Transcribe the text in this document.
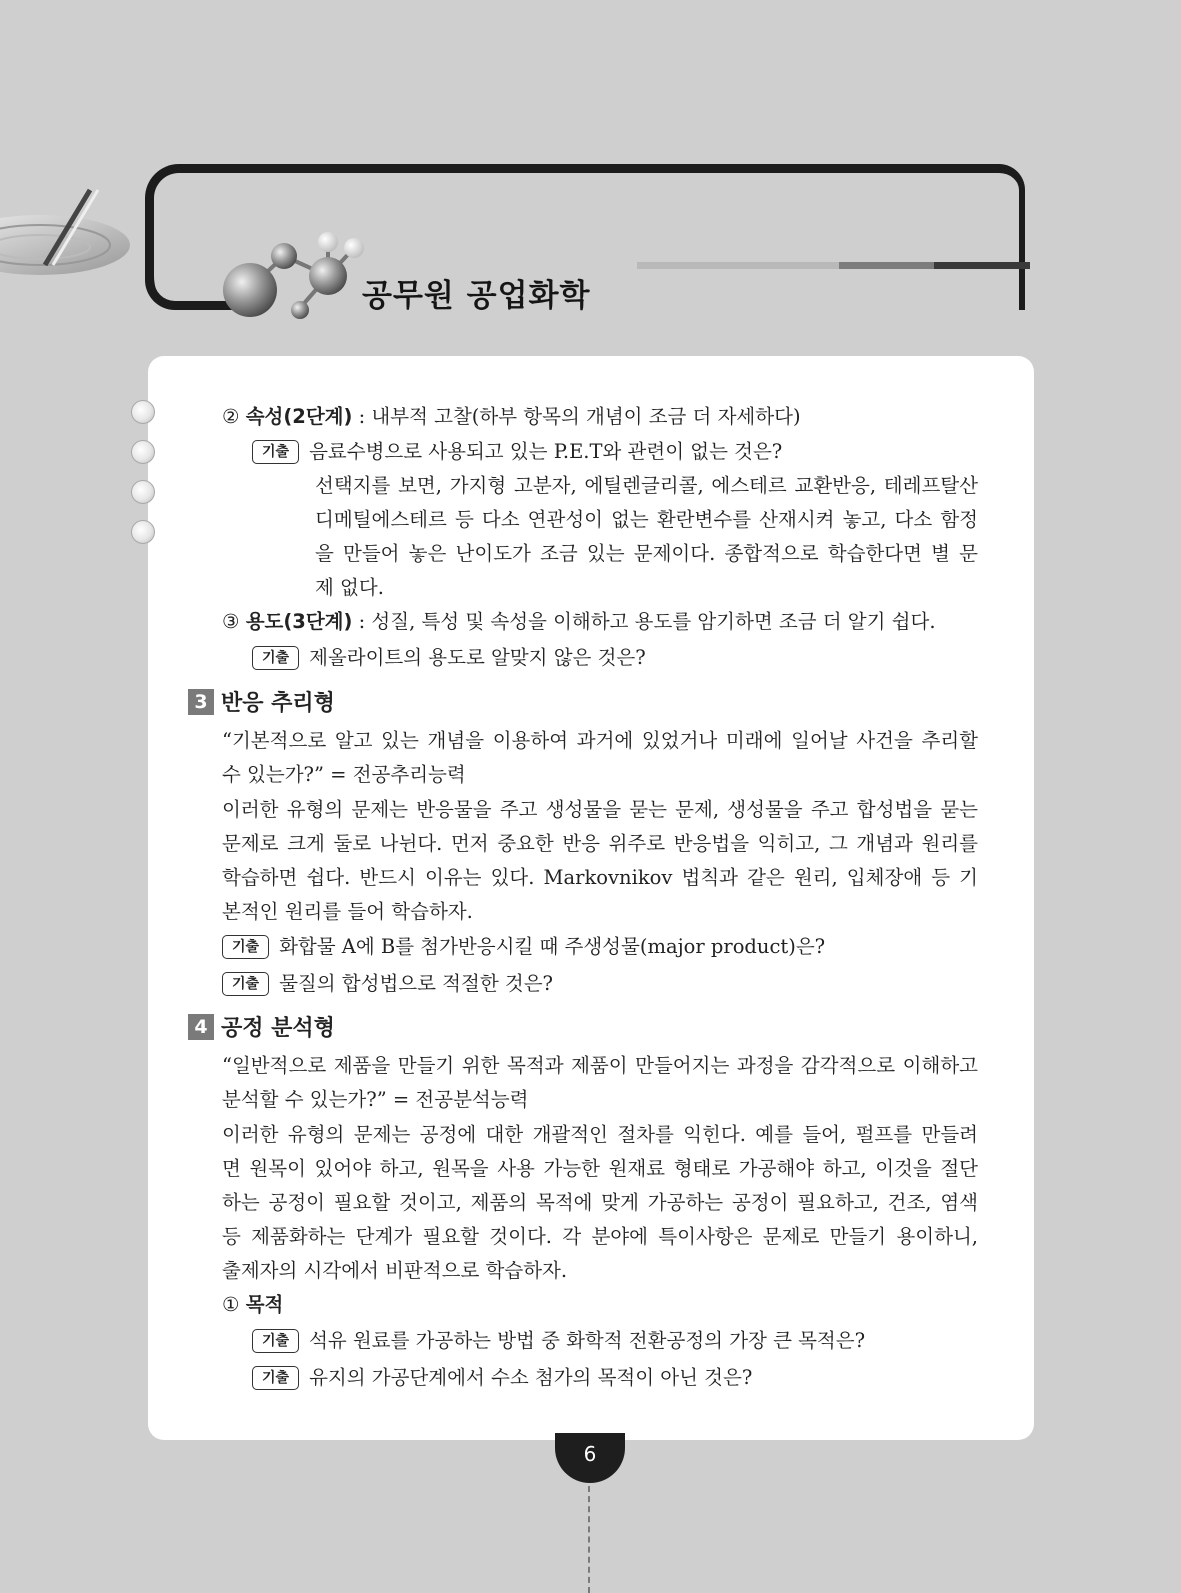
공무원 공업화학
② 속성(2단계) : 내부적 고찰(하부 항목의 개념이 조금 더 자세하다)
기출 음료수병으로 사용되고 있는 P.E.T와 관련이 없는 것은?
선택지를 보면, 가지형 고분자, 에틸렌글리콜, 에스테르 교환반응, 테레프탈산
디메틸에스테르 등 다소 연관성이 없는 환란변수를 산재시켜 놓고, 다소 함정
을 만들어 놓은 난이도가 조금 있는 문제이다. 종합적으로 학습한다면 별 문
제 없다.
③ 용도(3단계) : 성질, 특성 및 속성을 이해하고 용도를 암기하면 조금 더 알기 쉽다.
기출 제올라이트의 용도로 알맞지 않은 것은?
3 반응 추리형
“기본적으로 알고 있는 개념을 이용하여 과거에 있었거나 미래에 일어날 사건을 추리할
수 있는가?” = 전공추리능력
이러한 유형의 문제는 반응물을 주고 생성물을 묻는 문제, 생성물을 주고 합성법을 묻는
문제로 크게 둘로 나뉜다. 먼저 중요한 반응 위주로 반응법을 익히고, 그 개념과 원리를
학습하면 쉽다. 반드시 이유는 있다. Markovnikov 법칙과 같은 원리, 입체장애 등 기
본적인 원리를 들어 학습하자.
기출 화합물 A에 B를 첨가반응시킬 때 주생성물(major product)은?
기출 물질의 합성법으로 적절한 것은?
4 공정 분석형
“일반적으로 제품을 만들기 위한 목적과 제품이 만들어지는 과정을 감각적으로 이해하고
분석할 수 있는가?” = 전공분석능력
이러한 유형의 문제는 공정에 대한 개괄적인 절차를 익힌다. 예를 들어, 펄프를 만들려
면 원목이 있어야 하고, 원목을 사용 가능한 원재료 형태로 가공해야 하고, 이것을 절단
하는 공정이 필요할 것이고, 제품의 목적에 맞게 가공하는 공정이 필요하고, 건조, 염색
등 제품화하는 단계가 필요할 것이다. 각 분야에 특이사항은 문제로 만들기 용이하니,
출제자의 시각에서 비판적으로 학습하자.
① 목적
기출 석유 원료를 가공하는 방법 중 화학적 전환공정의 가장 큰 목적은?
기출 유지의 가공단계에서 수소 첨가의 목적이 아닌 것은?
6
